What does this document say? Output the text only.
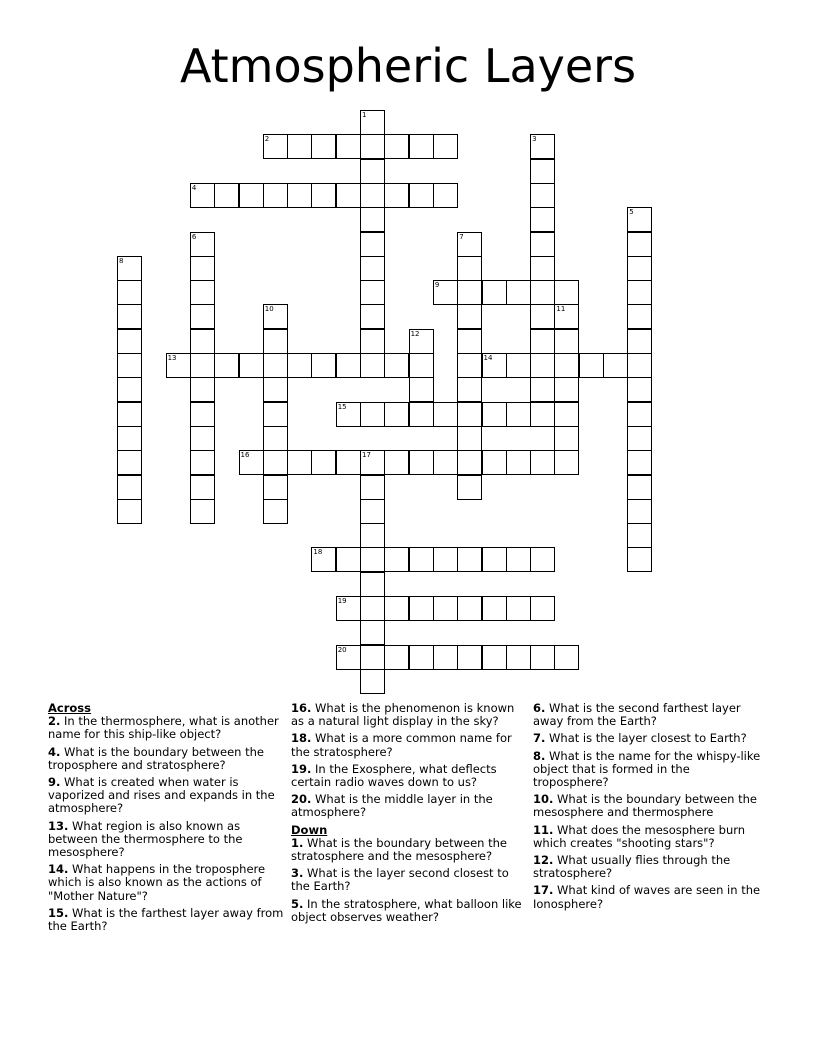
Atmospheric Layers
2
4
9
13	14
15
16	17
18
19
20
1
3
5
6	7
8
10	11
12
Across
2. In the thermosphere, what is another name for this ship-like object?
4. What is the boundary between the troposphere and stratosphere?
9. What is created when water is vaporized and rises and expands in the atmosphere?
13. What region is also known as between the thermosphere to the mesosphere?
14. What happens in the troposphere which is also known as the actions of "Mother Nature"?
15. What is the farthest layer away from the Earth?
16. What is the phenomenon is known as a natural light display in the sky?
18. What is a more common name for the stratosphere?
19. In the Exosphere, what deflects certain radio waves down to us?
20. What is the middle layer in the atmosphere?
Down
1. What is the boundary between the stratosphere and the mesosphere?
3. What is the layer second closest to the Earth?
5. In the stratosphere, what balloon like object observes weather?
6. What is the second farthest layer away from the Earth?
7. What is the layer closest to Earth?
8. What is the name for the whispy-like object that is formed in the troposphere?
10. What is the boundary between the mesosphere and thermosphere
11. What does the mesosphere burn which creates "shooting stars"?
12. What usually flies through the stratosphere?
17. What kind of waves are seen in the Ionosphere?
